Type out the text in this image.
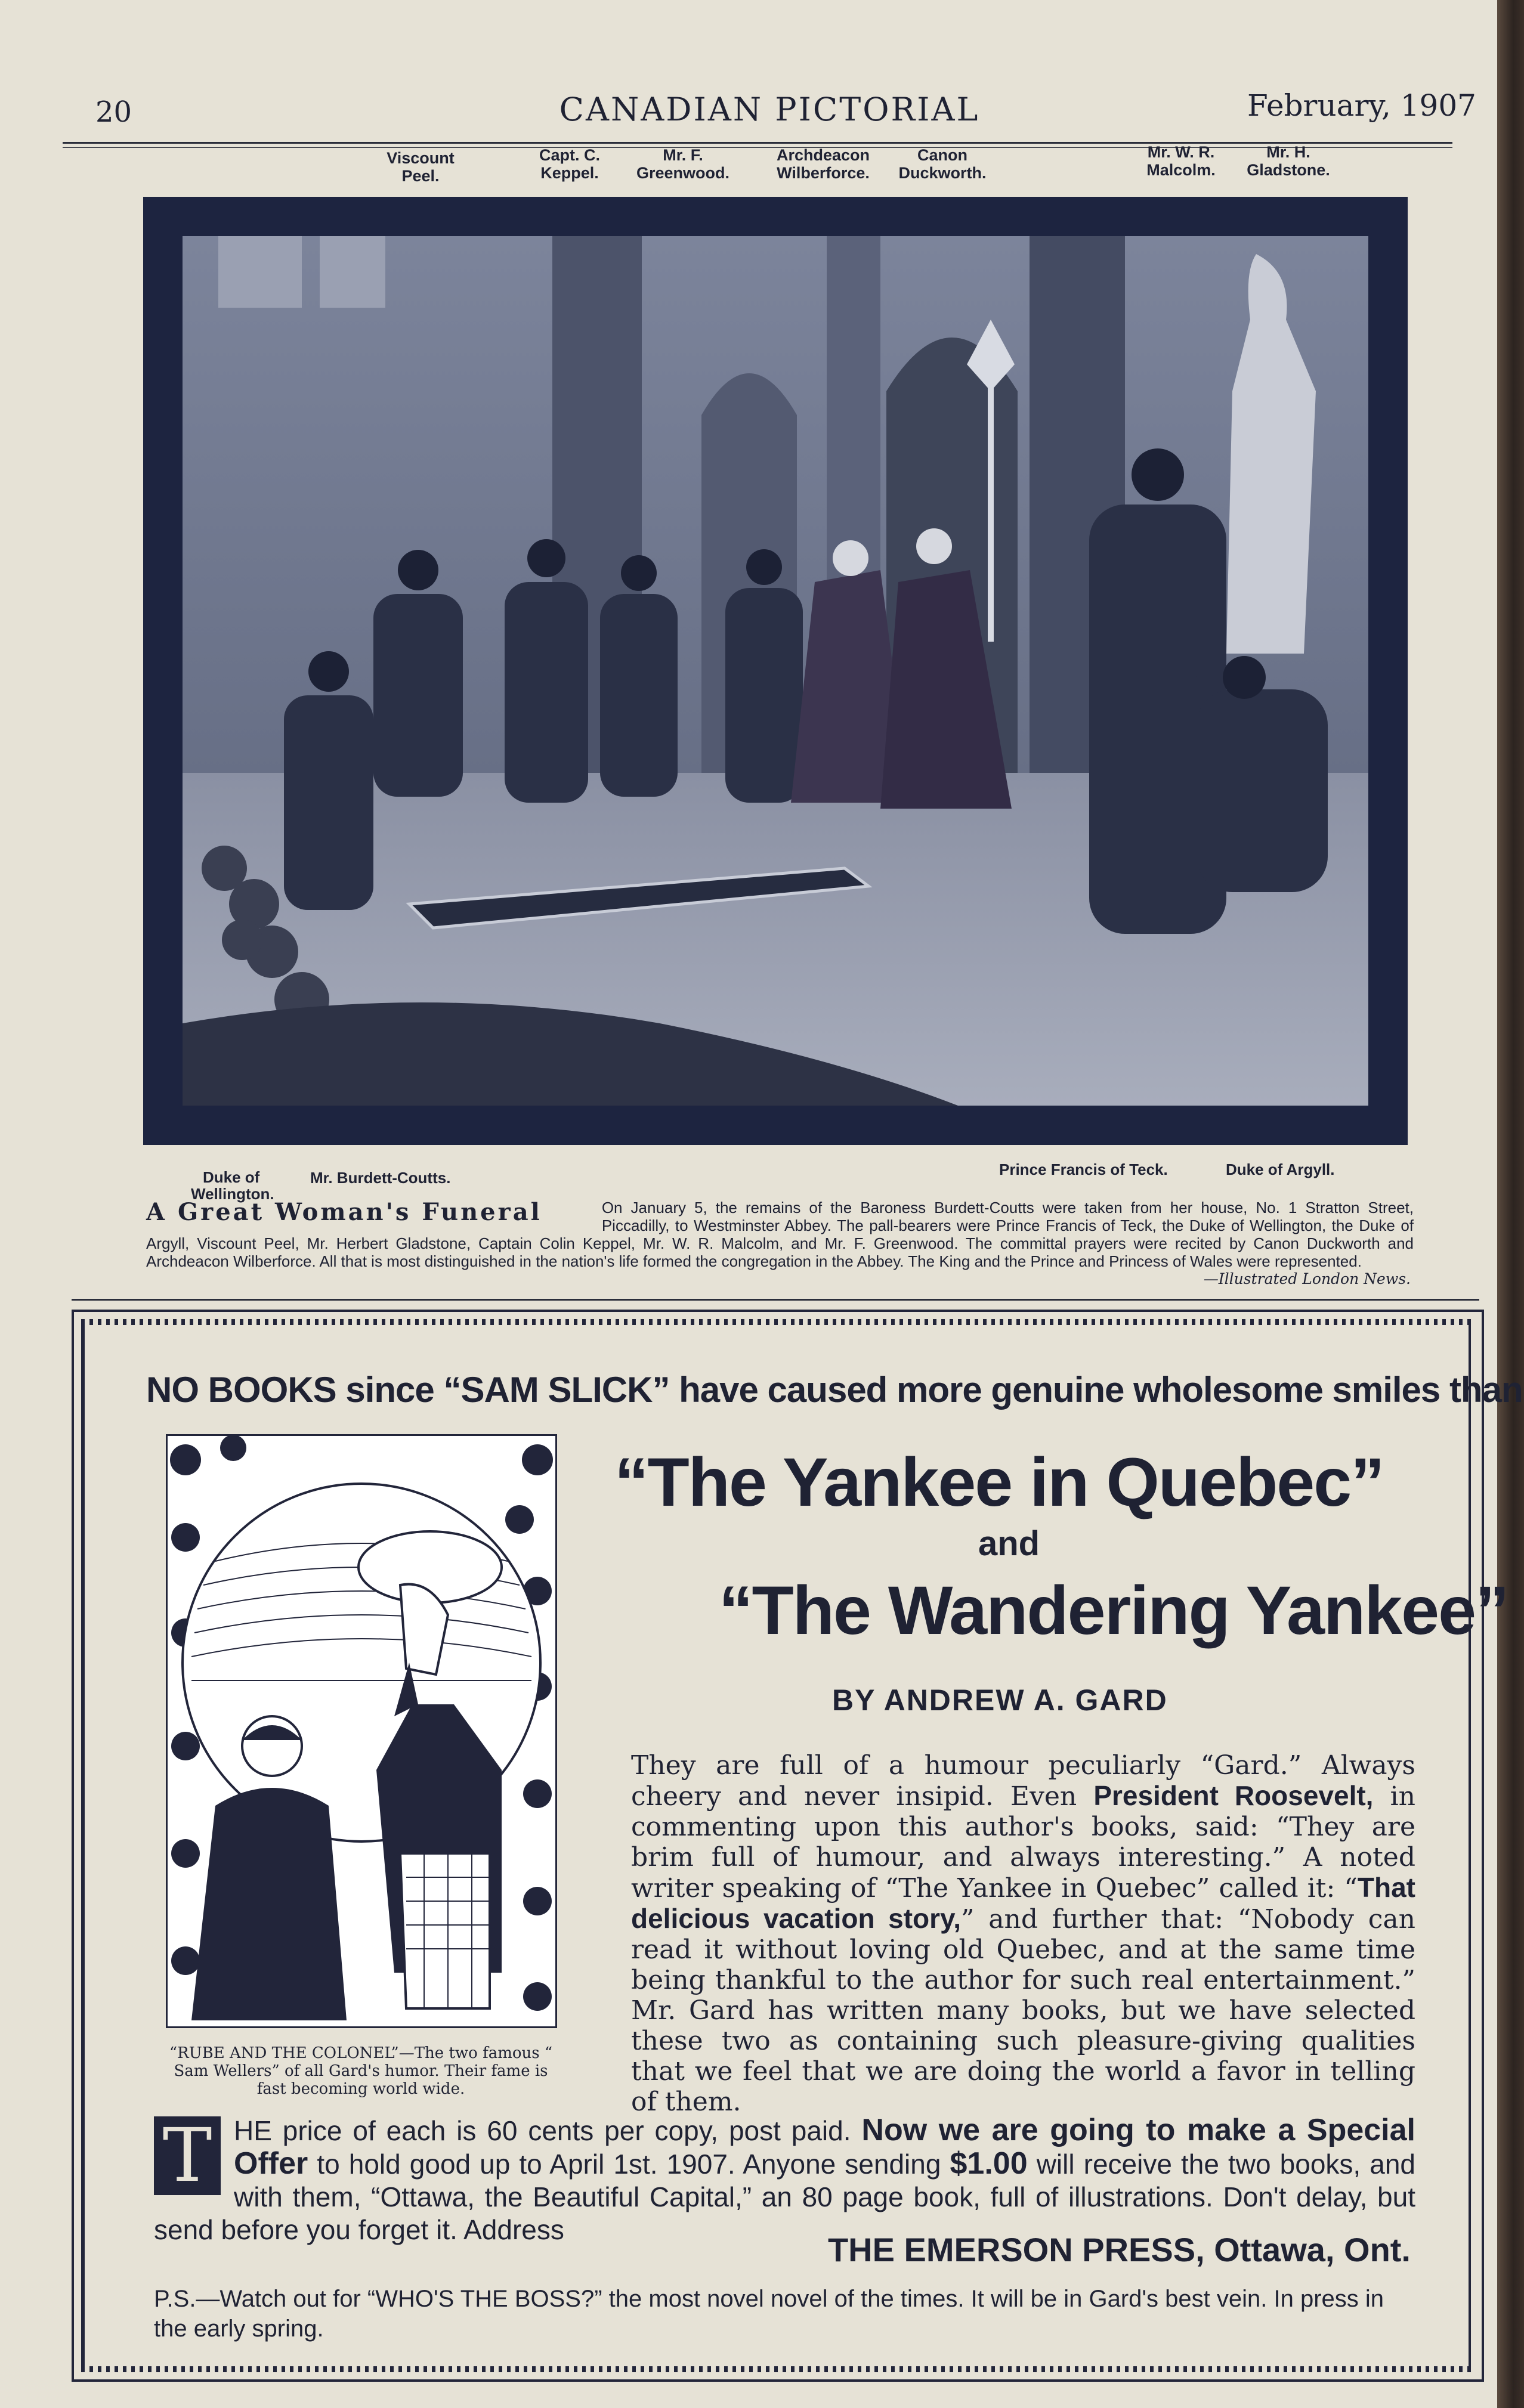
20	CANADIAN PICTORIAL	February, 1907
Viscount
Peel.
Capt. C.
Keppel.
Mr. F.
Greenwood.
Archdeacon
Wilberforce.
Canon
Duckworth.
Mr. W. R.
Malcolm.
Mr. H.
Gladstone.
Duke of
Wellington.
Mr. Burdett-Coutts.	Prince Francis of Teck.	Duke of Argyll.
A Great Woman's Funeral	On January 5, the remains of the Baroness Burdett-Coutts were taken from her house, No. 1 Stratton Street, Piccadilly, to Westminster Abbey. The pall-bearers were Prince Francis of Teck, the Duke of Wellington, the Duke of Argyll, Viscount Peel, Mr. Herbert Gladstone, Captain Colin Keppel, Mr. W. R. Malcolm, and Mr. F. Greenwood. The committal prayers were recited by Canon Duckworth and Archdeacon Wilberforce. All that is most distinguished in the nation's life formed the congregation in the Abbey. The King and the Prince and Princess of Wales were represented.
—Illustrated London News.
NO BOOKS since “SAM SLICK” have caused more genuine wholesome smiles than
“RUBE AND THE COLONEL”—The two famous “ Sam Wellers” of all Gard's humor. Their fame is fast becoming world wide.
“The Yankee in Quebec”
and
“The Wandering Yankee”
BY ANDREW A. GARD
They are full of a humour peculiarly “Gard.” Always cheery and never insipid. Even President Roosevelt, in commenting upon this author's books, said: “They are brim full of humour, and always interesting.” A noted writer speaking of “The Yankee in Quebec” called it: “That delicious vacation story,” and further that: “Nobody can read it without loving old Quebec, and at the same time being thankful to the author for such real entertainment.” Mr. Gard has written many books, but we have selected these two as containing such pleasure-giving qualities that we feel that we are doing the world a favor in telling of them.
T HE price of each is 60 cents per copy, post paid. Now we are going to make a Special Offer to hold good up to April 1st. 1907. Anyone sending $1.00 will receive the two books, and with them, “Ottawa, the Beautiful Capital,” an 80 page book, full of illustrations. Don't delay, but send before you forget it. Address
THE EMERSON PRESS, Ottawa, Ont.
P.S.—Watch out for “WHO'S THE BOSS?” the most novel novel of the times. It will be in Gard's best vein. In press in the early spring.
